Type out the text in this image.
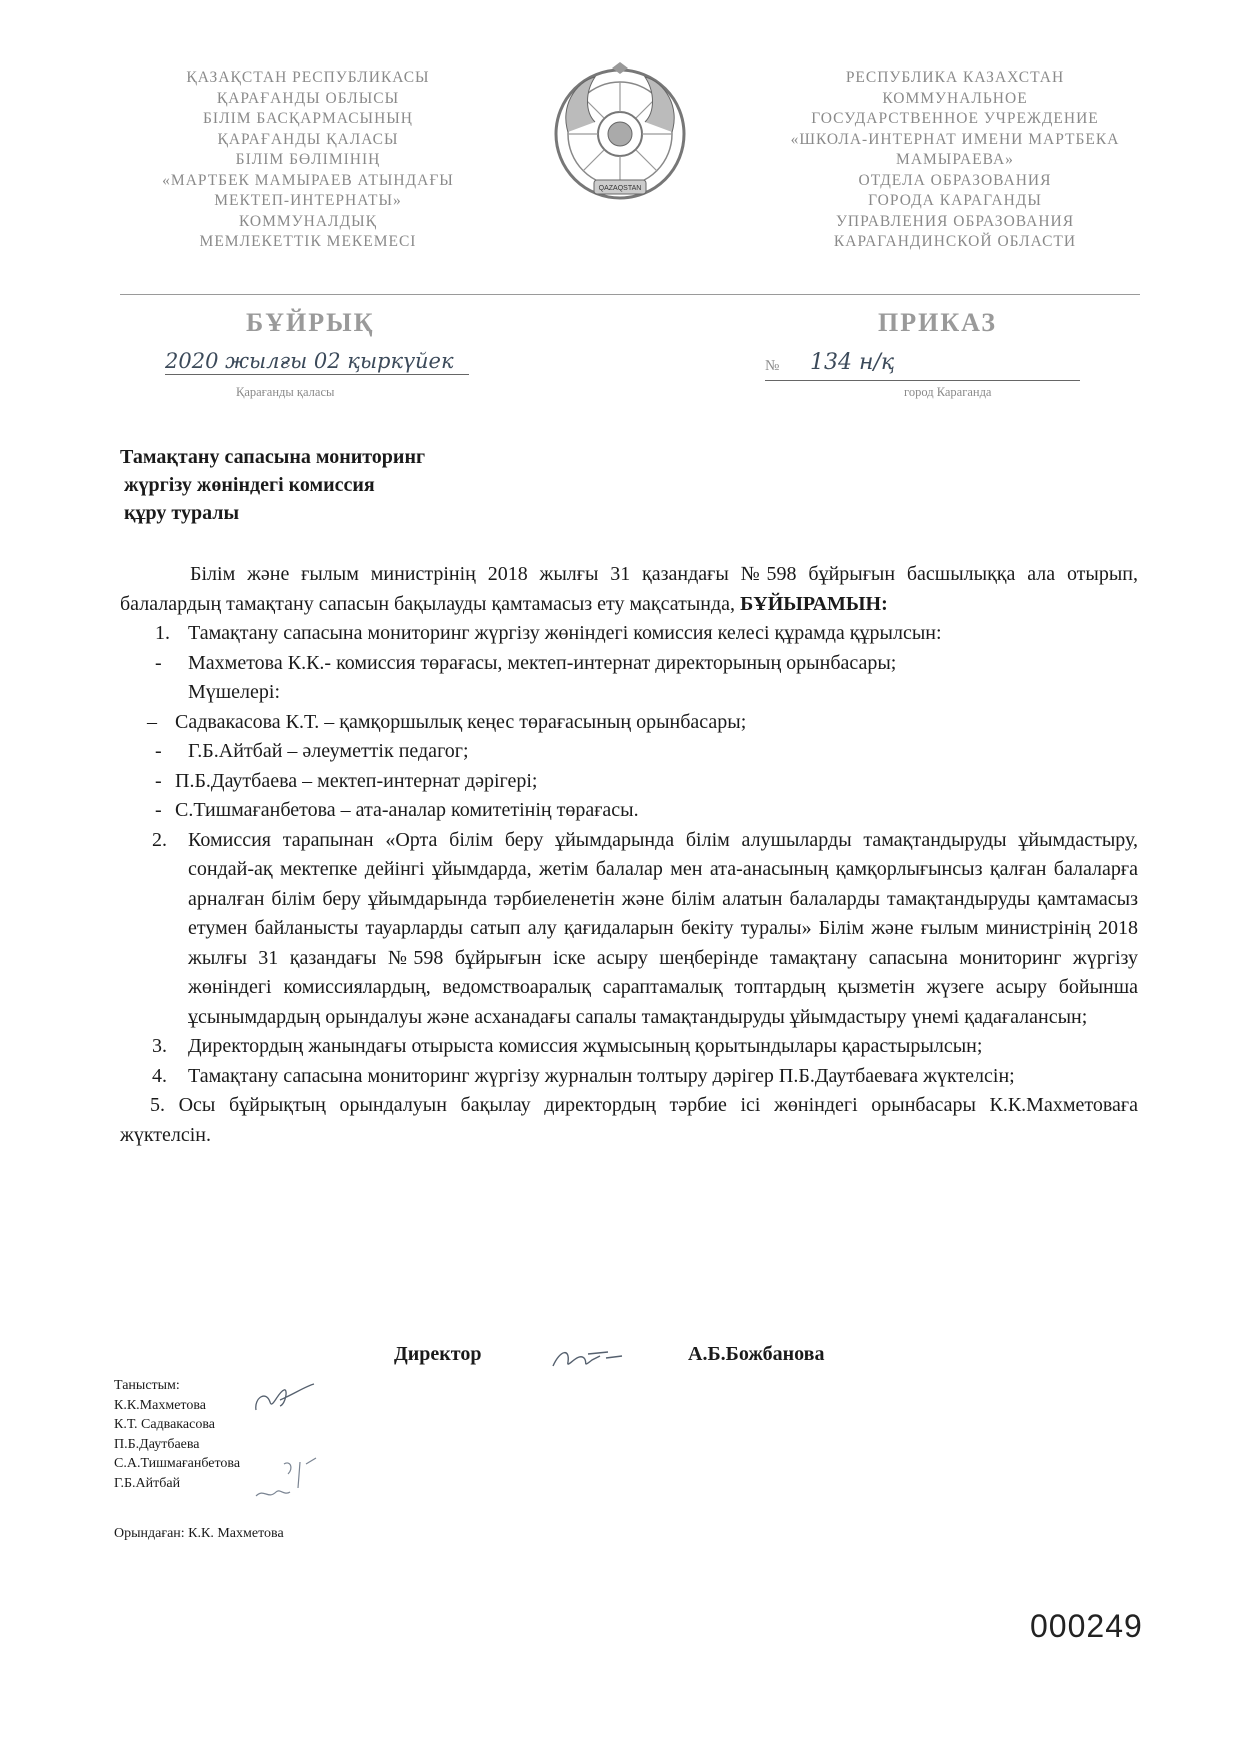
ҚАЗАҚСТАН РЕСПУБЛИКАСЫ
ҚАРАҒАНДЫ ОБЛЫСЫ
БІЛІМ БАСҚАРМАСЫНЫҢ
ҚАРАҒАНДЫ ҚАЛАСЫ
БІЛІМ БӨЛІМІНІҢ
«МАРТБЕК МАМЫРАЕВ АТЫНДАҒЫ
МЕКТЕП-ИНТЕРНАТЫ»
КОММУНАЛДЫҚ
МЕМЛЕКЕТТІК МЕКЕМЕСІ
QAZAQSTAN
РЕСПУБЛИКА КАЗАХСТАН
КОММУНАЛЬНОЕ
ГОСУДАРСТВЕННОЕ УЧРЕЖДЕНИЕ
«ШКОЛА-ИНТЕРНАТ ИМЕНИ МАРТБЕКА
МАМЫРАЕВА»
ОТДЕЛА ОБРАЗОВАНИЯ
ГОРОДА КАРАГАНДЫ
УПРАВЛЕНИЯ ОБРАЗОВАНИЯ
КАРАГАНДИНСКОЙ ОБЛАСТИ
БҰЙРЫҚ	ПРИКАЗ
2020 жылғы 02 қыркүйек	№ 134 н/қ
Қарағанды қаласы	город Караганда
Тамақтану сапасына мониторинг
жүргізу жөніндегі комиссия
құру туралы
Білім және ғылым министрінің 2018 жылғы 31 қазандағы №598 бұйрығын басшылыққа ала отырып, балалардың тамақтану сапасын бақылауды қамтамасыз ету мақсатында, БҰЙЫРАМЫН:
1. Тамақтану сапасына мониторинг жүргізу жөніндегі комиссия келесі құрамда құрылсын:
-	Махметова К.К.- комиссия төрағасы, мектеп-интернат директорының орынбасары;
Мүшелері:
– Садвакасова К.Т. – қамқоршылық кеңес төрағасының орынбасары;
-	Г.Б.Айтбай – әлеуметтік педагог;
- П.Б.Даутбаева – мектеп-интернат дәрігері;
- С.Тишмағанбетова – ата-аналар комитетінің төрағасы.
2.	Комиссия тарапынан «Орта білім беру ұйымдарында білім алушыларды тамақтандыруды ұйымдастыру, сондай-ақ мектепке дейінгі ұйымдарда, жетім балалар мен ата-анасының қамқорлығынсыз қалған балаларға арналған білім беру ұйымдарында тәрбиеленетін және білім алатын балаларды тамақтандыруды қамтамасыз етумен байланысты тауарларды сатып алу қағидаларын бекіту туралы» Білім және ғылым министрінің 2018 жылғы 31 қазандағы №598 бұйрығын іске асыру шеңберінде тамақтану сапасына мониторинг жүргізу жөніндегі комиссиялардың, ведомствоаралық сараптамалық топтардың қызметін жүзеге асыру бойынша ұсынымдардың орындалуы және асханадағы сапалы тамақтандыруды ұйымдастыру үнемі қадағалансын;
3.	Директордың жанындағы отырыста комиссия жұмысының қорытындылары қарастырылсын;
4.	Тамақтану сапасына мониторинг жүргізу журналын толтыру дәрігер П.Б.Даутбаеваға жүктелсін;
5. Осы бұйрықтың орындалуын бақылау директордың тәрбие ісі жөніндегі орынбасары К.К.Махметоваға жүктелсін.
Директор	А.Б.Божбанова
Таныстым:
К.К.Махметова
К.Т. Садвакасова
П.Б.Даутбаева
С.А.Тишмағанбетова
Г.Б.Айтбай
Орындаған: К.К. Махметова
000249
